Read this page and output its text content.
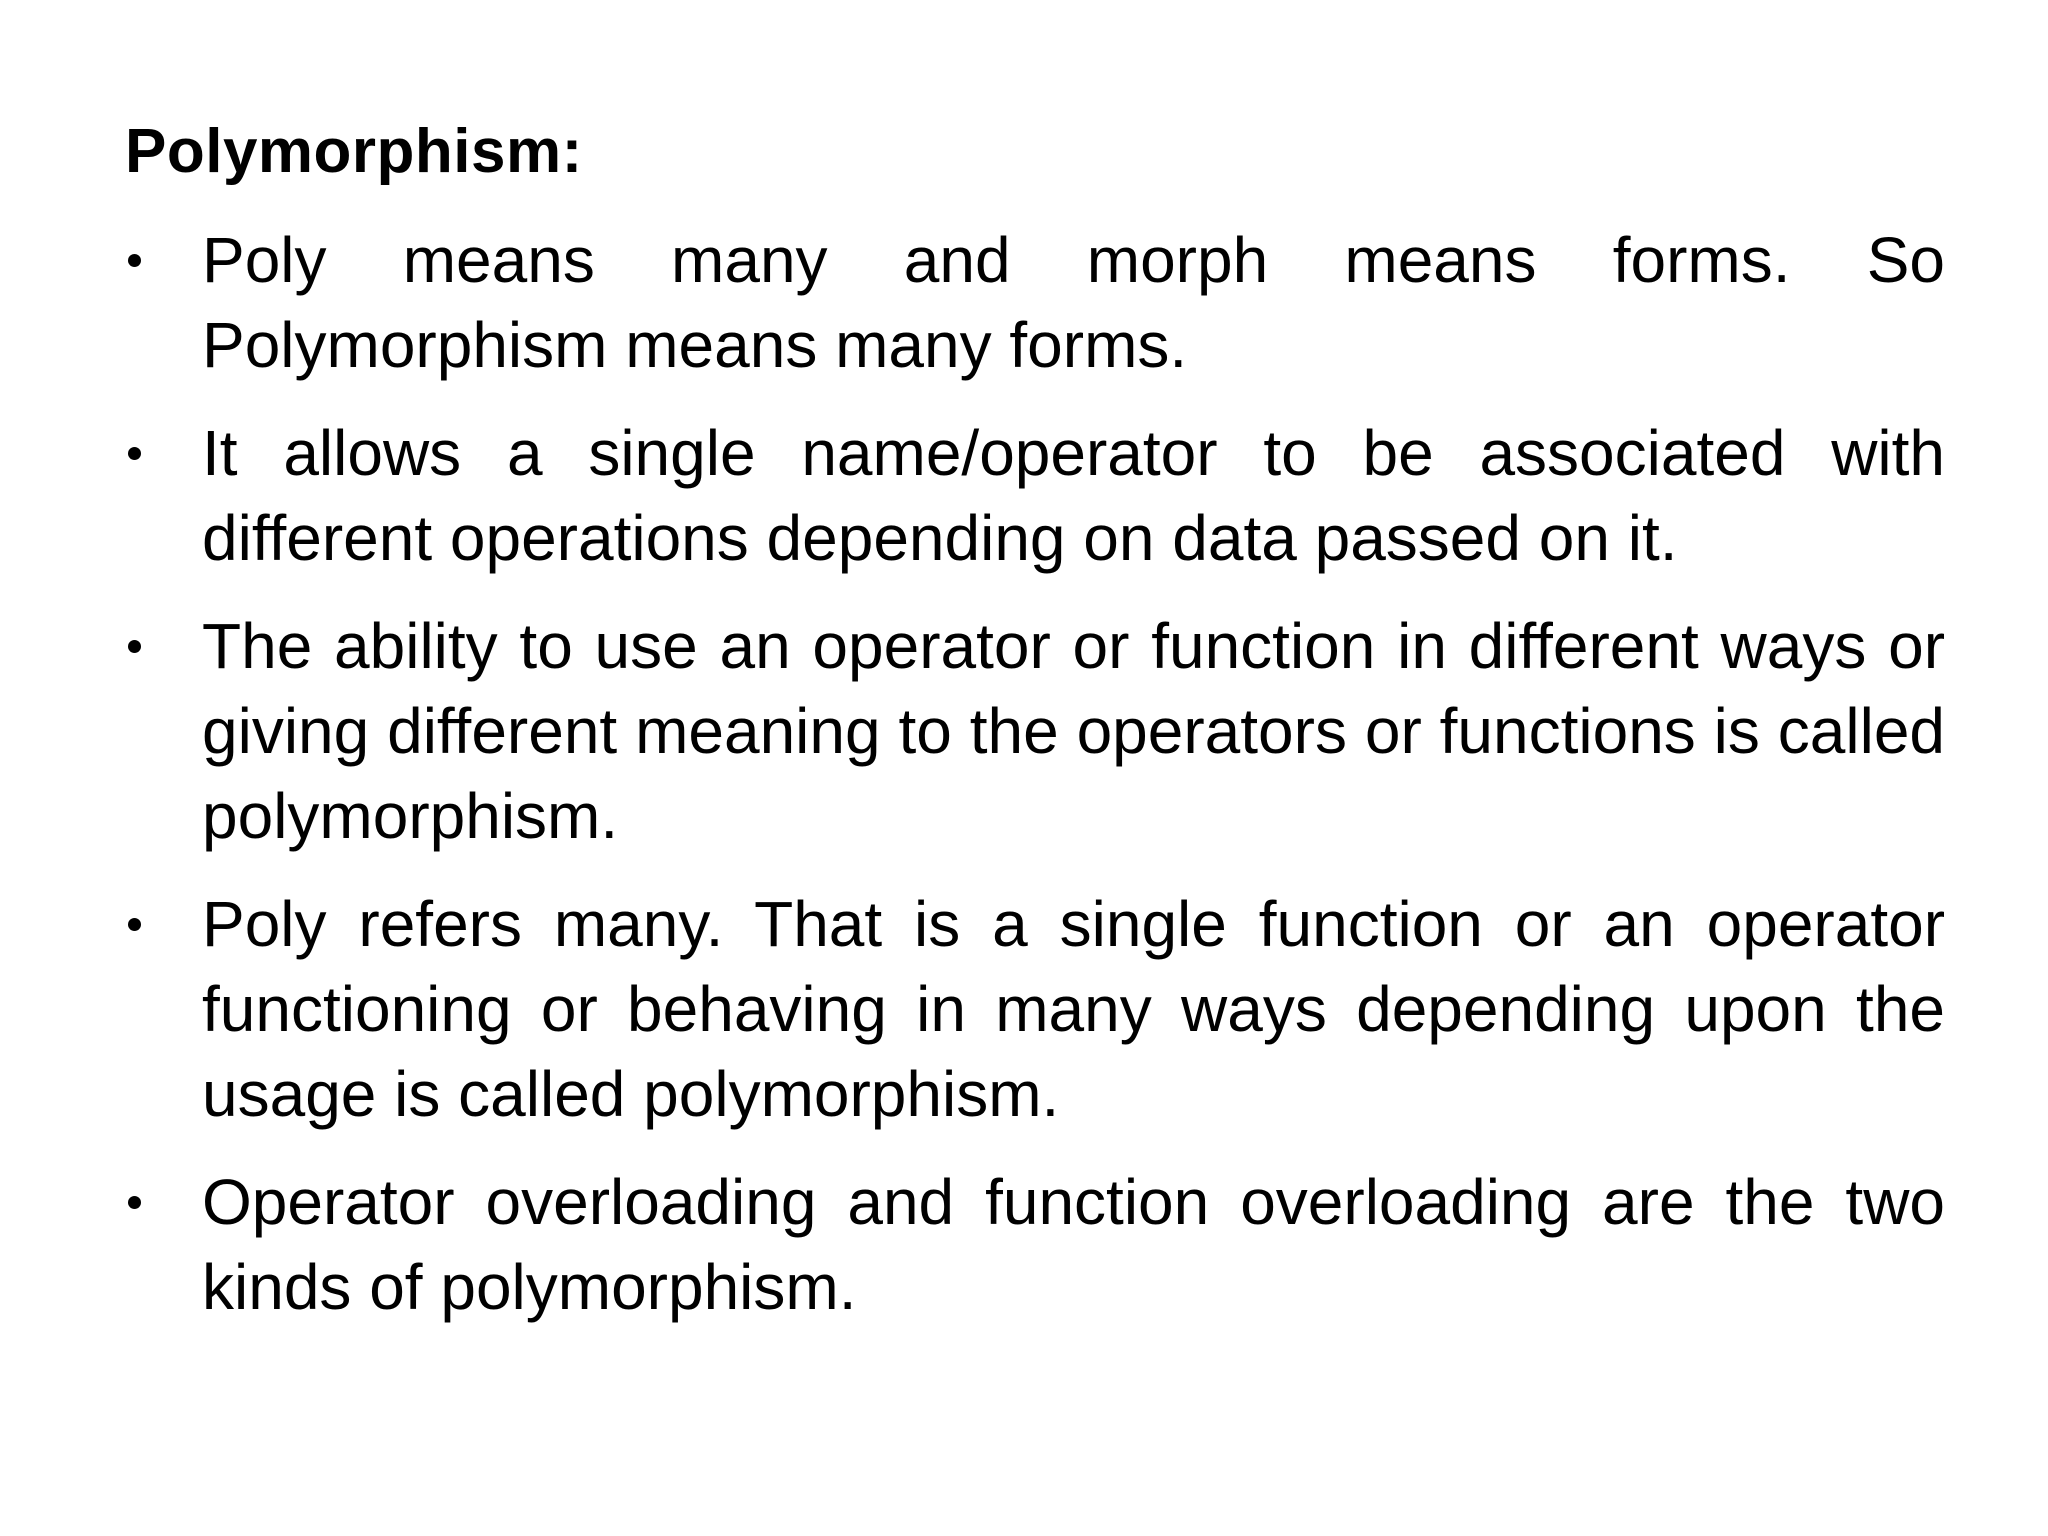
Polymorphism:
Poly means many and morph means forms. So Polymorphism means many forms.
It allows a single name/operator to be associated with different operations depending on data passed on it.
The ability to use an operator or function in different ways or giving different meaning to the operators or functions is called polymorphism.
Poly refers many. That is a single function or an operator functioning or behaving in many ways depending upon the usage is called polymorphism.
Operator overloading and function overloading are the two kinds of polymorphism.
